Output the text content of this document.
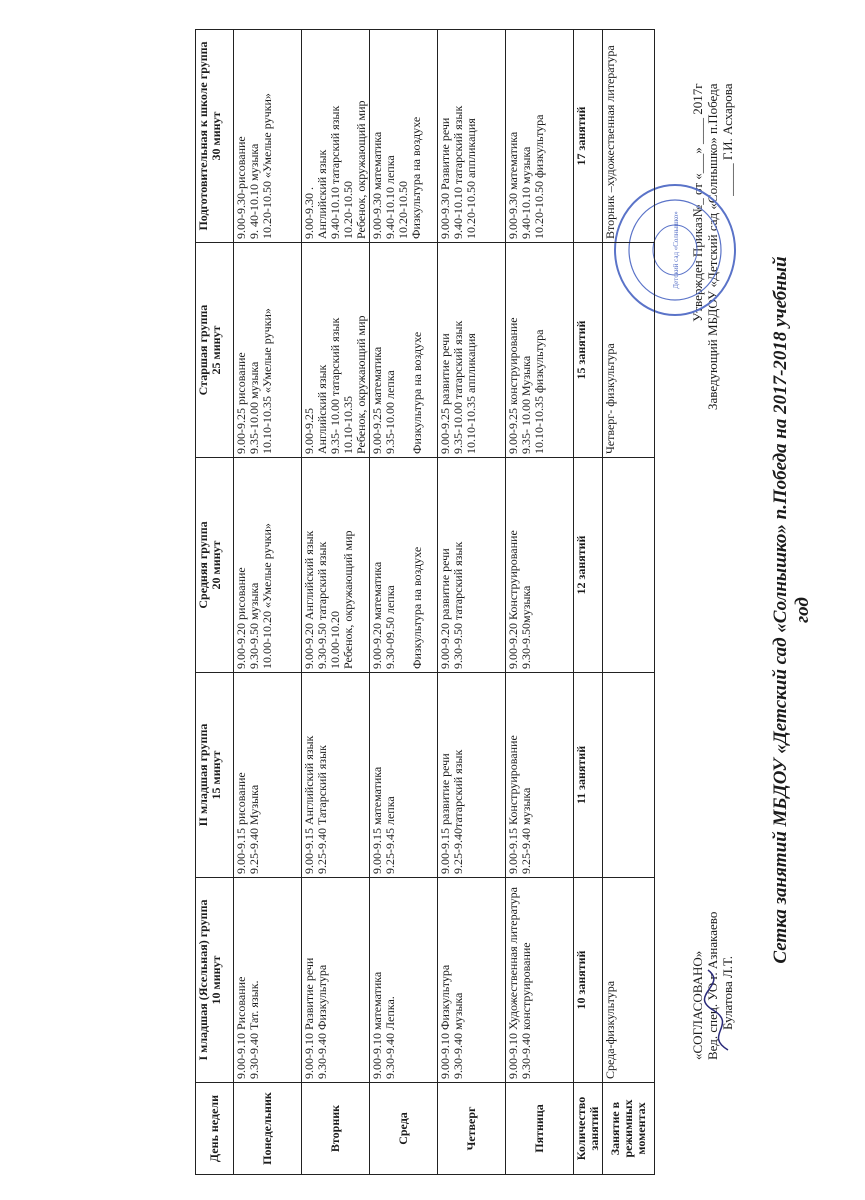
«СОГЛАСОВАНО» Вед. спец. УО г. Азнакаево Булатова Л.Т.
Сетка занятий МБДОУ «Детский сад «Солнышко» п.Победа на 2017-2018 учебный год
Утвержден Приказ№_ от «___» ____ 2017г Заведующий МБДОУ «Детский сад «Солнышко» п.Победа _____ Г.И. Асхарова
Детский сад «Солнышко»
День недели	I младшая (Ясельная) группа 10 минут	II младшая группа 15 минут	Средняя группа 20 минут	Старшая группа 25 минут	Подготовительная к школе группа 30 минут

Понедельник	9.00-9.10 Рисование 9.30-9.40 Тат. язык.	9.00-9.15 рисование 9.25-9.40 Музыка	9.00-9.20 рисование 9.30-9.50 музыка 10.00-10.20 «Умелые ручки»	9.00-9.25 рисование 9.35-10.00 музыка 10.10-10.35 «Умелые ручки»	9.00-9.30-рисование 9. 40-10.10 музыка 10.20-10.50 «Умелые ручки»

Вторник	9.00-9.10 Развитие речи 9.30-9.40 Физкультура	9.00-9.15 Английский язык 9.25-9.40 Татарский язык	9.00-9.20 Английский язык 9.30-9.50 татарский язык 10.00-10.20 Ребенок, окружающий мир	9.00-9.25 Английский язык 9.35- 10.00 татарский язык 10.10-10.35 Ребенок, окружающий мир	9.00-9.30 . Английский язык 9.40-10.10 татарский язык 10.20-10.50 Ребенок, окружающий мир

Среда	9.00-9.10 математика 9.30-9.40 Лепка.	9.00-9.15 математика 9.25-9.45 лепка	9.00-9.20 математика 9.30-09.50 лепка Физкультура на воздухе	9.00-9.25 математика 9.35-10.00 лепка Физкультура на воздухе	9.00-9.30 математика 9.40-10.10 лепка 10.20-10.50 Физкультура на воздухе

Четверг	9.00-9.10 Физкультура 9.30-9.40 музыка	9.00-9.15 развитие речи 9.25-9.40татарский язык	9.00-9.20 развитие речи 9.30-9.50 татарский язык	9.00-9.25 развитие речи 9.35-10.00 татарский язык 10.10-10.35 аппликация	9.00-9.30 Развитие речи 9.40-10.10 татарский язык 10.20-10.50 аппликация

Пятница	9.00-9.10 Художественная литература 9.30-9.40 конструирование	9.00-9.15 Конструирование 9.25-9.40 музыка	9.00-9.20 Конструирование 9.30-9.50музыка	9.00-9.25 конструирование 9.35- 10.00 Музыка 10.10-10.35 физкультура	9.00-9.30 математика 9.40-10.10 музыка 10.20-10.50 физкультура

Количество занятий	10 занятий	11 занятий	12 занятий	15 занятий	17 занятий
Занятие в режимных моментах	Среда-физкультура			Четверг- физкультура	Вторник –художественная литература
